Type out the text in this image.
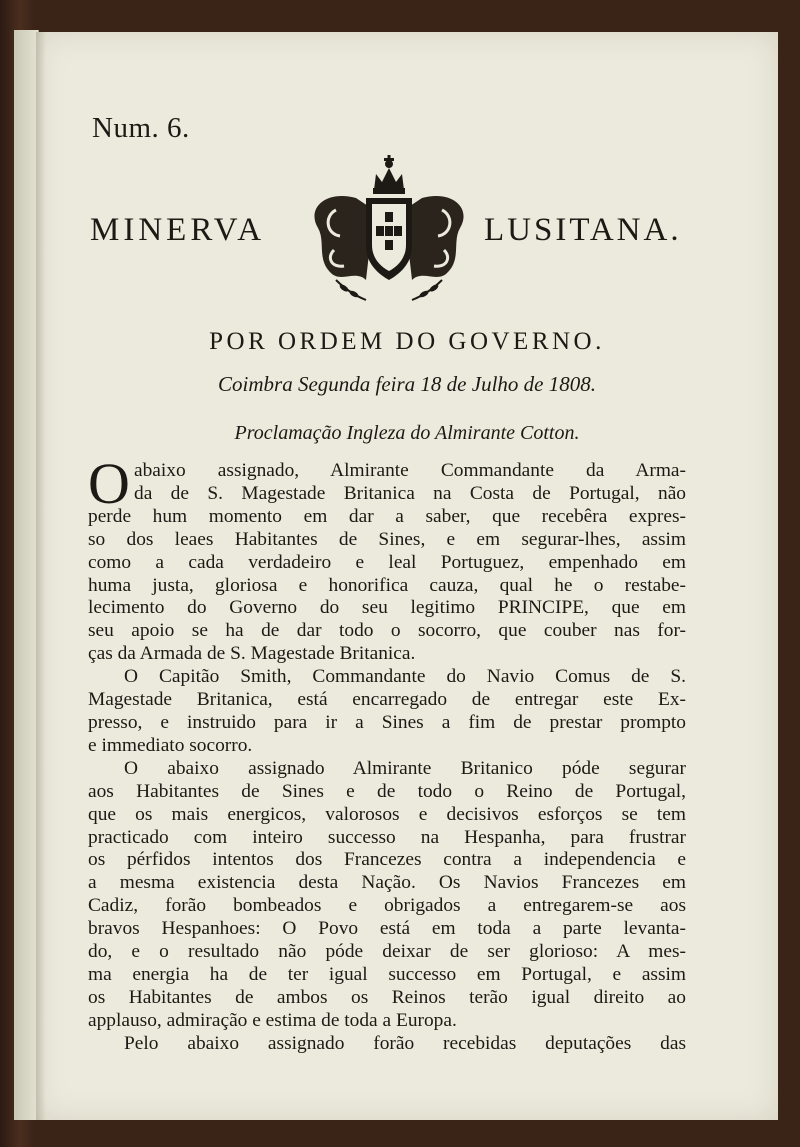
Num. 6.
MINERVA	LUSITANA.
POR ORDEM DO GOVERNO.
Coimbra Segunda feira 18 de Julho de 1808.
Proclamação Ingleza do Almirante Cotton.
O abaixo assignado, Almirante Commandante da Arma-
da de S. Magestade Britanica na Costa de Portugal, não
perde hum momento em dar a saber, que recebêra expres-
so dos leaes Habitantes de Sines, e em segurar-lhes, assim
como a cada verdadeiro e leal Portuguez, empenhado em
huma justa, gloriosa e honorifica cauza, qual he o restabe-
lecimento do Governo do seu legitimo PRINCIPE, que em
seu apoio se ha de dar todo o socorro, que couber nas for-
ças da Armada de S. Magestade Britanica.
O Capitão Smith, Commandante do Navio Comus de S.
Magestade Britanica, está encarregado de entregar este Ex-
presso, e instruido para ir a Sines a fim de prestar prompto
e immediato socorro.
O abaixo assignado Almirante Britanico póde segurar
aos Habitantes de Sines e de todo o Reino de Portugal,
que os mais energicos, valorosos e decisivos esforços se tem
practicado com inteiro successo na Hespanha, para frustrar
os pérfidos intentos dos Francezes contra a independencia e
a mesma existencia desta Nação. Os Navios Francezes em
Cadiz, forão bombeados e obrigados a entregarem-se aos
bravos Hespanhoes: O Povo está em toda a parte levanta-
do, e o resultado não póde deixar de ser glorioso: A mes-
ma energia ha de ter igual successo em Portugal, e assim
os Habitantes de ambos os Reinos terão igual direito ao
applauso, admiração e estima de toda a Europa.
Pelo abaixo assignado forão recebidas deputações das
